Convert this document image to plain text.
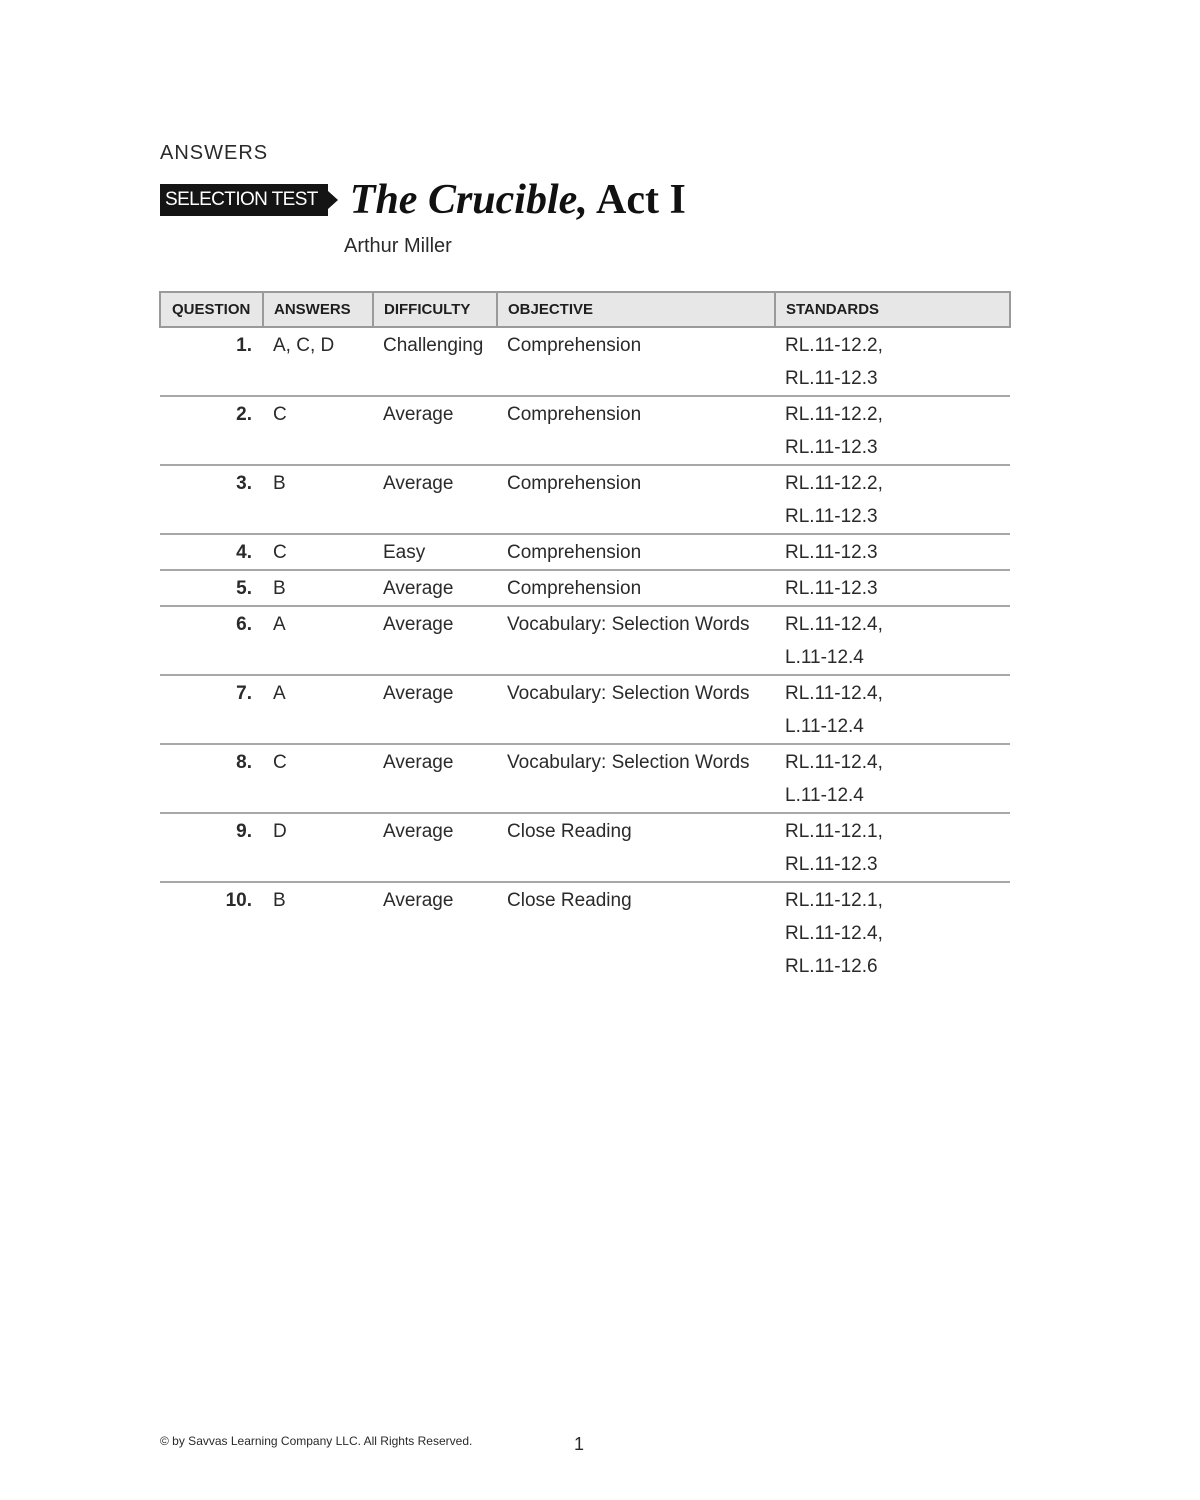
ANSWERS
SELECTION TEST The Crucible, Act I
Arthur Miller
QUESTION	ANSWERS	DIFFICULTY	OBJECTIVE	STANDARDS
1.	A, C, D	Challenging	Comprehension	RL.11-12.2,
RL.11-12.3

2.	C	Average	Comprehension	RL.11-12.2,
RL.11-12.3

3.	B	Average	Comprehension	RL.11-12.2,
RL.11-12.3

4.	C	Easy	Comprehension	RL.11-12.3

5.	B	Average	Comprehension	RL.11-12.3

6.	A	Average	Vocabulary: Selection Words	RL.11-12.4,
L.11-12.4

7.	A	Average	Vocabulary: Selection Words	RL.11-12.4,
L.11-12.4

8.	C	Average	Vocabulary: Selection Words	RL.11-12.4,
L.11-12.4

9.	D	Average	Close Reading	RL.11-12.1,
RL.11-12.3

10.	B	Average	Close Reading	RL.11-12.1,
RL.11-12.4,
RL.11-12.6
© by Savvas Learning Company LLC. All Rights Reserved.	1
